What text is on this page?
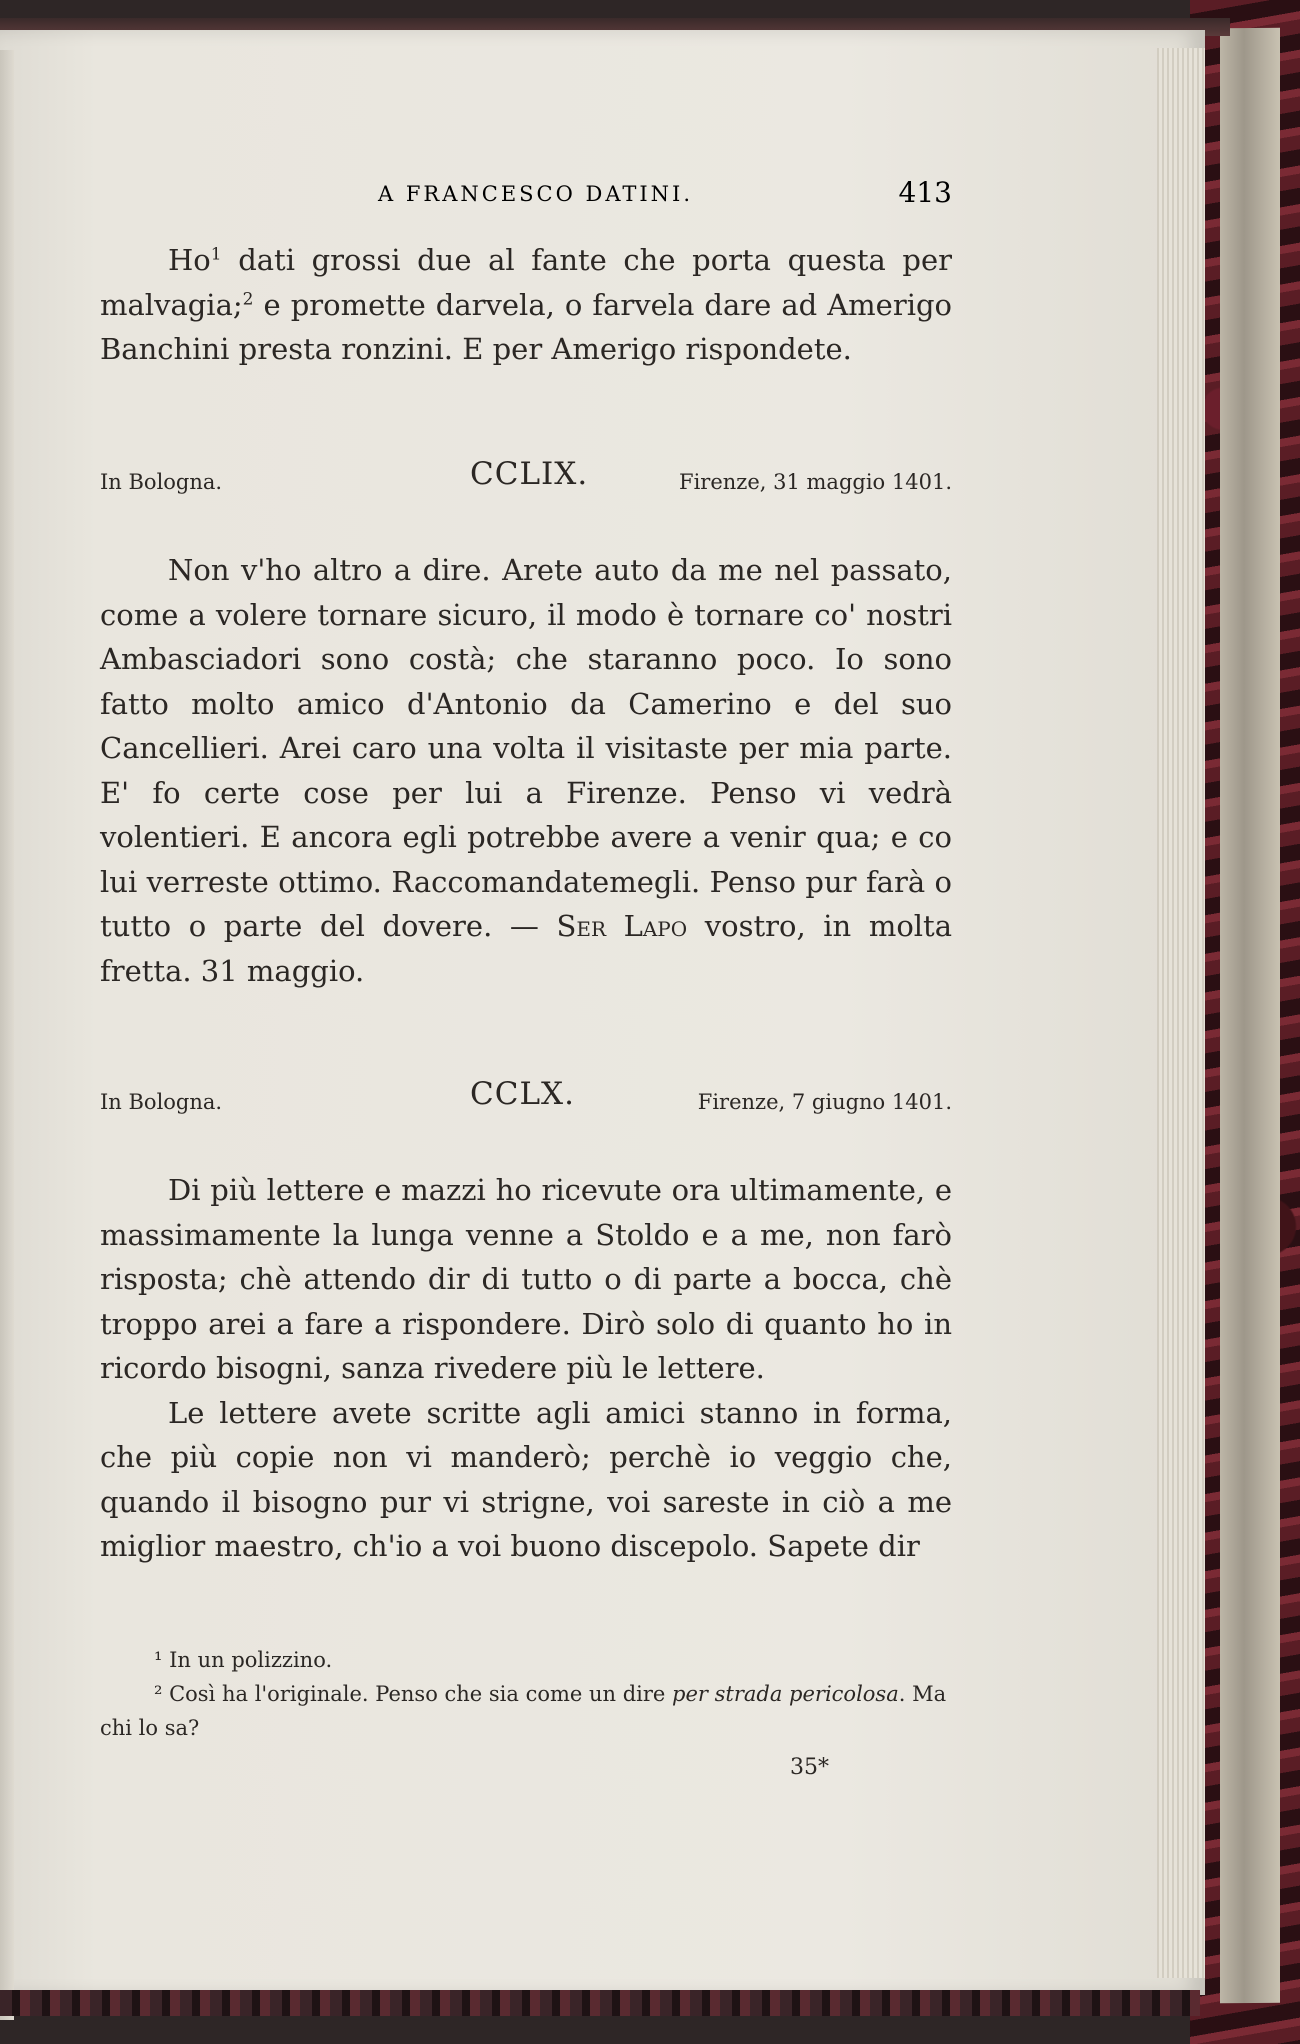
A FRANCESCO DATINI.	413

Ho$^1$ dati grossi due al fante che porta questa per malvagia;$^2$ e promette darvela, o farvela dare ad Amerigo Banchini presta ronzini. E per Amerigo rispondete.

In Bologna.	CCLIX.	Firenze, 31 maggio 1401.

Non v'ho altro a dire. Arete auto da me nel passato, come a volere tornare sicuro, il modo è tornare co' nostri Ambasciadori sono costà; che staranno poco. Io sono fatto molto amico d'Antonio da Camerino e del suo Cancellieri. Arei caro una volta il visitaste per mia parte. E' fo certe cose per lui a Firenze. Penso vi vedrà volentieri. E ancora egli potrebbe avere a venir qua; e co lui verreste ottimo. Raccomandatemegli. Penso pur farà o tutto o parte del dovere. — Ser Lapo vostro, in molta fretta. 31 maggio.

In Bologna.	CCLX.	Firenze, 7 giugno 1401.

Di più lettere e mazzi ho ricevute ora ultimamente, e massimamente la lunga venne a Stoldo e a me, non farò risposta; chè attendo dir di tutto o di parte a bocca, chè troppo arei a fare a rispondere. Dirò solo di quanto ho in ricordo bisogni, sanza rivedere più le lettere.

Le lettere avete scritte agli amici stanno in forma, che più copie non vi manderò; perchè io veggio che, quando il bisogno pur vi strigne, voi sareste in ciò a me miglior maestro, ch'io a voi buono discepolo. Sapete dir

¹ In un polizzino.
² Così ha l'originale. Penso che sia come un dire per strada pericolosa. Ma chi lo sa?
35*
